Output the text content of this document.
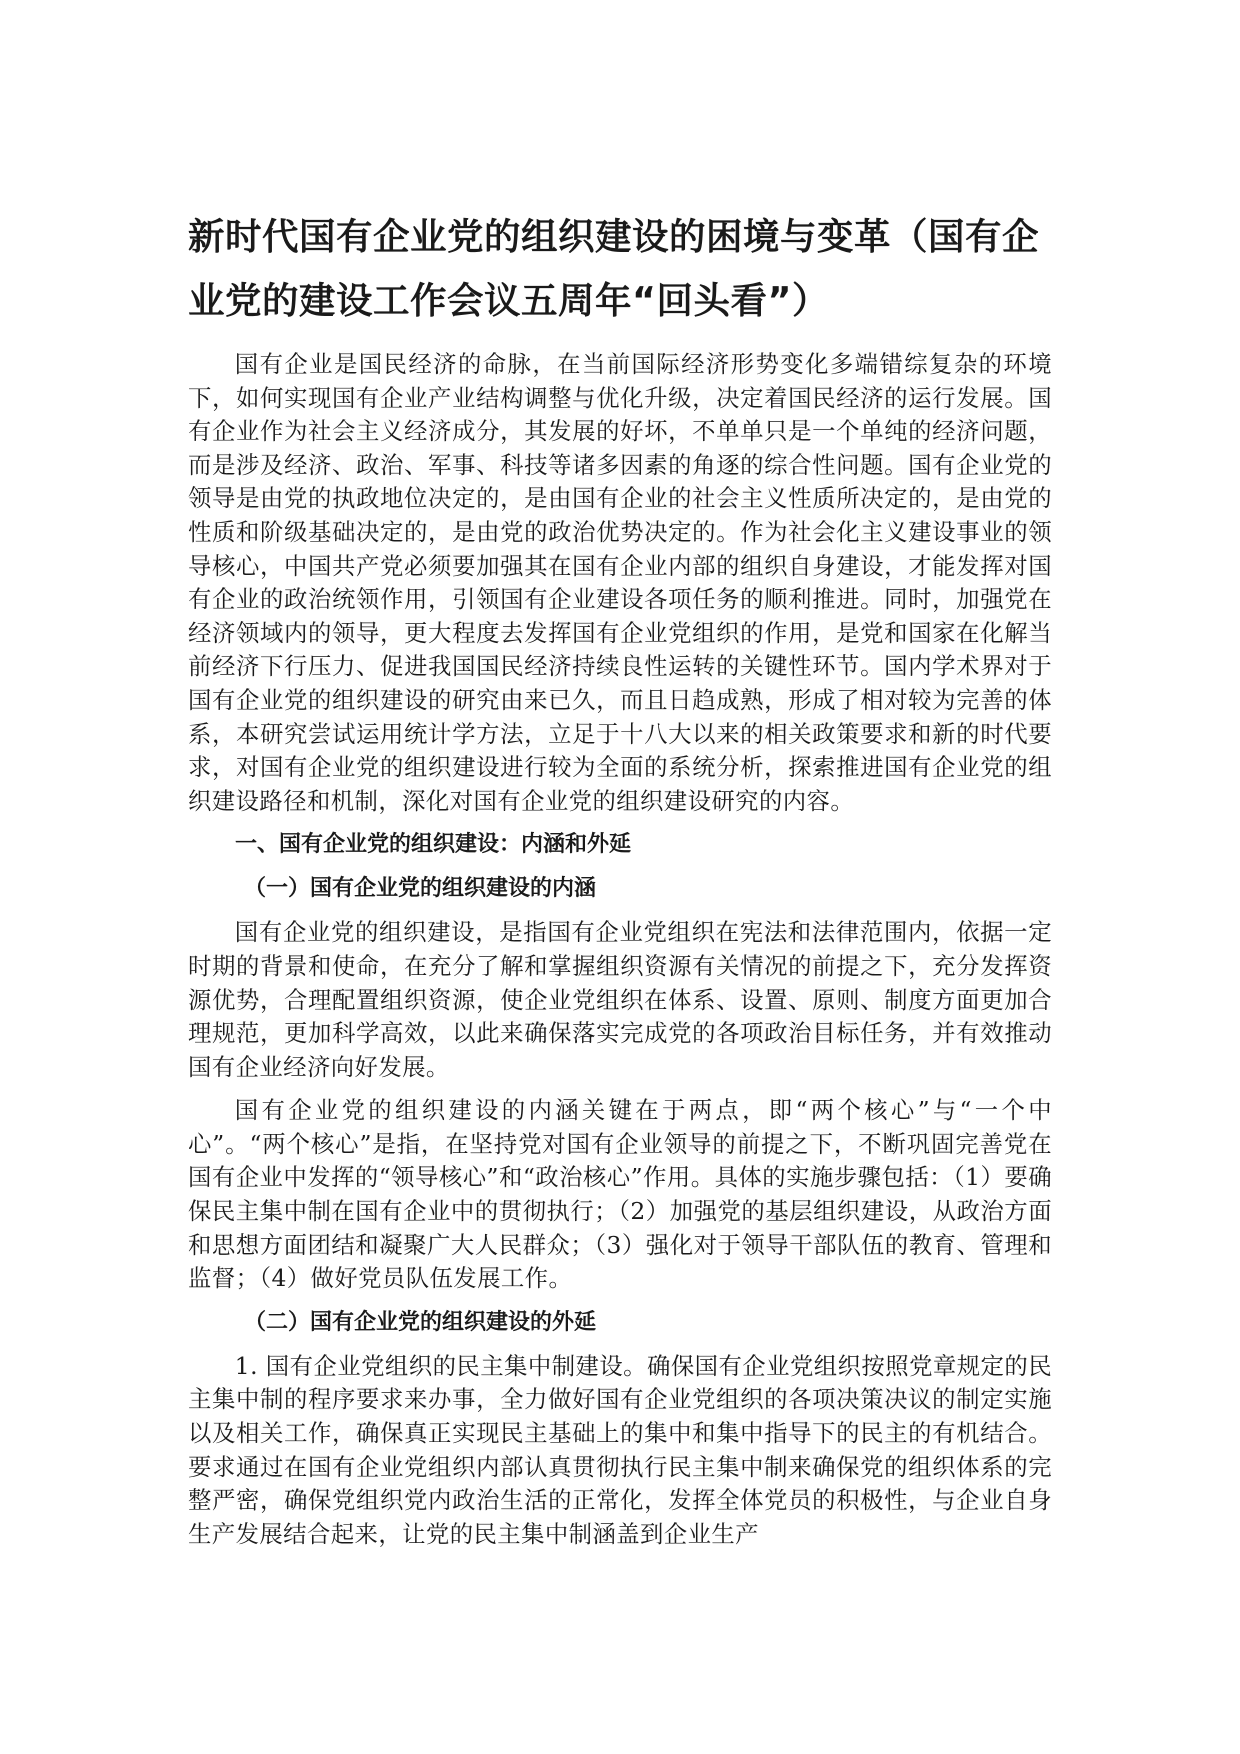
新时代国有企业党的组织建设的困境与变革（国有企业党的建设工作会议五周年“回头看”）

国有企业是国民经济的命脉，在当前国际经济形势变化多端错综复杂的环境下，如何实现国有企业产业结构调整与优化升级，决定着国民经济的运行发展。国有企业作为社会主义经济成分，其发展的好坏，不单单只是一个单纯的经济问题，而是涉及经济、政治、军事、科技等诸多因素的角逐的综合性问题。国有企业党的领导是由党的执政地位决定的，是由国有企业的社会主义性质所决定的，是由党的性质和阶级基础决定的，是由党的政治优势决定的。作为社会化主义建设事业的领导核心，中国共产党必须要加强其在国有企业内部的组织自身建设，才能发挥对国有企业的政治统领作用，引领国有企业建设各项任务的顺利推进。同时，加强党在经济领域内的领导，更大程度去发挥国有企业党组织的作用，是党和国家在化解当前经济下行压力、促进我国国民经济持续良性运转的关键性环节。国内学术界对于国有企业党的组织建设的研究由来已久，而且日趋成熟，形成了相对较为完善的体系，本研究尝试运用统计学方法，立足于十八大以来的相关政策要求和新的时代要求，对国有企业党的组织建设进行较为全面的系统分析，探索推进国有企业党的组织建设路径和机制，深化对国有企业党的组织建设研究的内容。

一、国有企业党的组织建设：内涵和外延
（一）国有企业党的组织建设的内涵

国有企业党的组织建设，是指国有企业党组织在宪法和法律范围内，依据一定时期的背景和使命，在充分了解和掌握组织资源有关情况的前提之下，充分发挥资源优势，合理配置组织资源，使企业党组织在体系、设置、原则、制度方面更加合理规范，更加科学高效，以此来确保落实完成党的各项政治目标任务，并有效推动国有企业经济向好发展。

国有企业党的组织建设的内涵关键在于两点，即“两个核心”与“一个中心”。“两个核心”是指，在坚持党对国有企业领导的前提之下，不断巩固完善党在国有企业中发挥的“领导核心”和“政治核心”作用。具体的实施步骤包括：（1）要确保民主集中制在国有企业中的贯彻执行；（2）加强党的基层组织建设，从政治方面和思想方面团结和凝聚广大人民群众；（3）强化对于领导干部队伍的教育、管理和监督；（4）做好党员队伍发展工作。

（二）国有企业党的组织建设的外延

1. 国有企业党组织的民主集中制建设。确保国有企业党组织按照党章规定的民主集中制的程序要求来办事，全力做好国有企业党组织的各项决策决议的制定实施以及相关工作，确保真正实现民主基础上的集中和集中指导下的民主的有机结合。要求通过在国有企业党组织内部认真贯彻执行民主集中制来确保党的组织体系的完整严密，确保党组织党内政治生活的正常化，发挥全体党员的积极性，与企业自身生产发展结合起来，让党的民主集中制涵盖到企业生产
